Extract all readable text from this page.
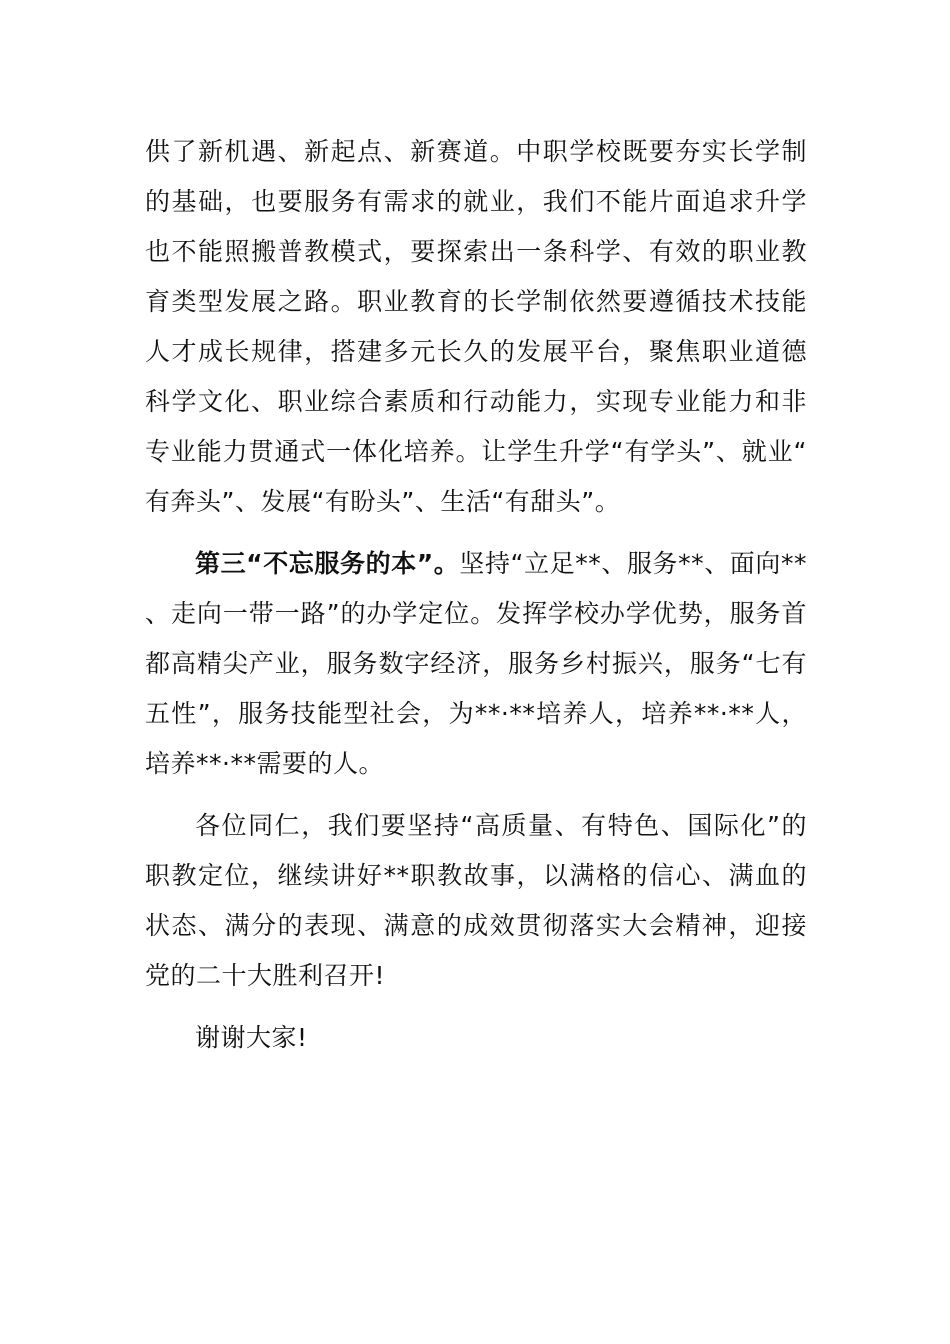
供了新机遇、新起点、新赛道。中职学校既要夯实长学制的基础，也要服务有需求的就业，我们不能片面追求升学也不能照搬普教模式，要探索出一条科学、有效的职业教育类型发展之路。职业教育的长学制依然要遵循技术技能人才成长规律，搭建多元长久的发展平台，聚焦职业道德科学文化、职业综合素质和行动能力，实现专业能力和非专业能力贯通式一体化培养。让学生升学“有学头”、就业“有奔头”、发展“有盼头”、生活“有甜头”。

第三“不忘服务的本”。坚持“立足**、服务**、面向**、走向一带一路”的办学定位。发挥学校办学优势，服务首都高精尖产业，服务数字经济，服务乡村振兴，服务“七有五性”，服务技能型社会，为**·**培养人，培养**·**人，培养**·**需要的人。

各位同仁，我们要坚持“高质量、有特色、国际化”的职教定位，继续讲好**职教故事，以满格的信心、满血的状态、满分的表现、满意的成效贯彻落实大会精神，迎接党的二十大胜利召开!

谢谢大家!
